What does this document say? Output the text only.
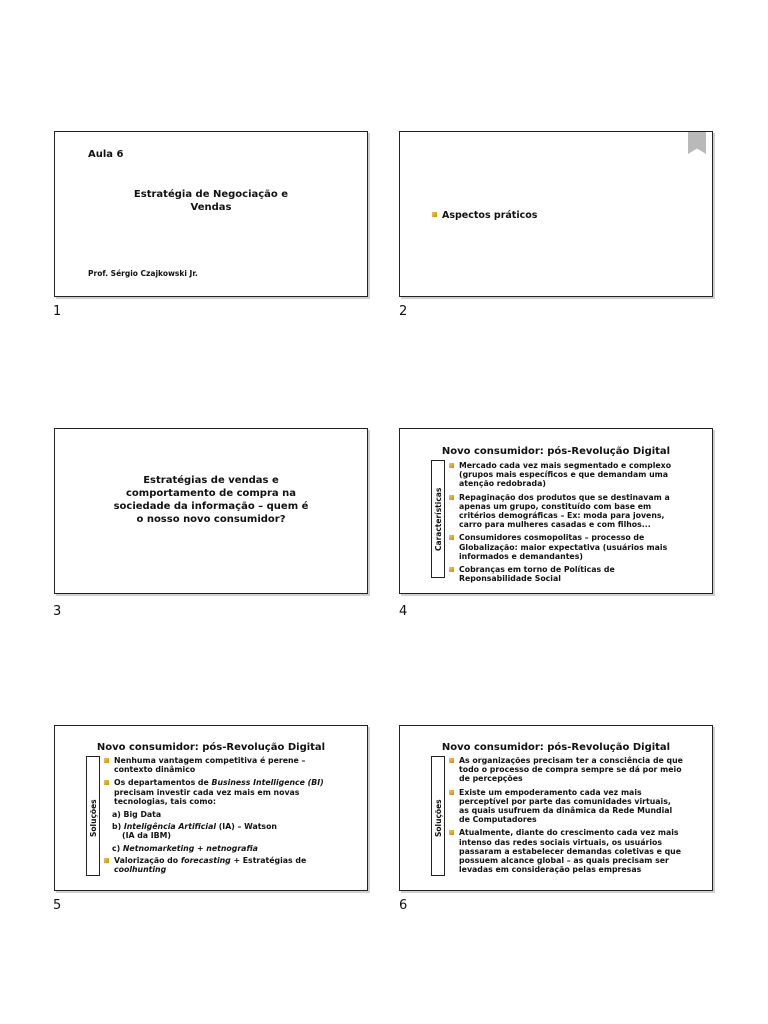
Aula 6
Estratégia de Negociação e
Vendas
Prof. Sérgio Czajkowski Jr.
1
Aspectos práticos
2
Estratégias de vendas e
comportamento de compra na
sociedade da informação – quem é
o nosso novo consumidor?
3
Novo consumidor: pós-Revolução Digital
Características
Mercado cada vez mais segmentado e complexo (grupos mais específicos e que demandam uma atenção redobrada)
Repaginação dos produtos que se destinavam a apenas um grupo, constituído com base em critérios demográficas – Ex: moda para jovens, carro para mulheres casadas e com filhos...
Consumidores cosmopolitas – processo de Globalização: maior expectativa (usuários mais informados e demandantes)
Cobranças em torno de Políticas de Reponsabilidade Social
4
Novo consumidor: pós-Revolução Digital
Soluções
Nenhuma vantagem competitiva é perene – contexto dinâmico
Os departamentos de Business Intelligence (BI) precisam investir cada vez mais em novas tecnologias, tais como:
a) Big Data
b) Inteligência Artificial (IA) – Watson
(IA da IBM)
c) Netnomarketing + netnografia
Valorização do forecasting + Estratégias de coolhunting
5
Novo consumidor: pós-Revolução Digital
Soluções
As organizações precisam ter a consciência de que todo o processo de compra sempre se dá por meio de percepções
Existe um empoderamento cada vez mais perceptível por parte das comunidades virtuais, as quais usufruem da dinâmica da Rede Mundial de Computadores
Atualmente, diante do crescimento cada vez mais intenso das redes sociais virtuais, os usuários passaram a estabelecer demandas coletivas e que possuem alcance global – as quais precisam ser levadas em consideração pelas empresas
6
